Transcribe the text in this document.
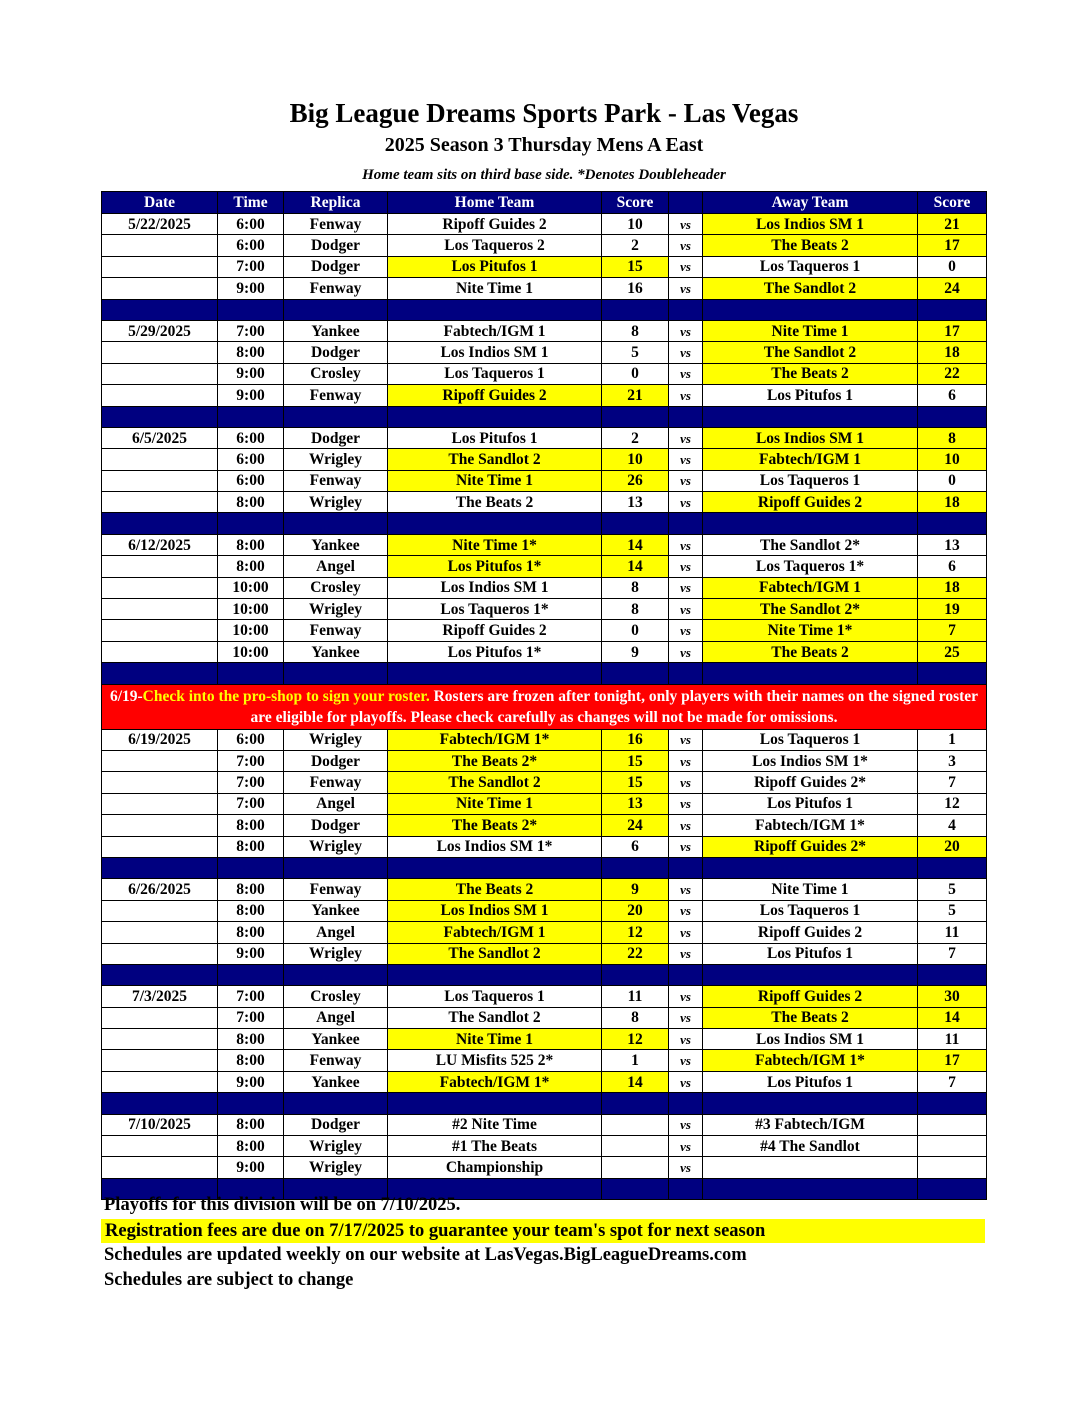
Big League Dreams Sports Park - Las Vegas
2025 Season 3 Thursday Mens A East
Home team sits on third base side. *Denotes Doubleheader
Date	Time	Replica	Home Team	Score		Away Team	Score
5/22/2025	6:00	Fenway	Ripoff Guides 2	10	vs	Los Indios SM 1	21
	6:00	Dodger	Los Taqueros 2	2	vs	The Beats 2	17
	7:00	Dodger	Los Pitufos 1	15	vs	Los Taqueros 1	0
	9:00	Fenway	Nite Time 1	16	vs	The Sandlot 2	24

5/29/2025	7:00	Yankee	Fabtech/IGM 1	8	vs	Nite Time 1	17
	8:00	Dodger	Los Indios SM 1	5	vs	The Sandlot 2	18
	9:00	Crosley	Los Taqueros 1	0	vs	The Beats 2	22
	9:00	Fenway	Ripoff Guides 2	21	vs	Los Pitufos 1	6

6/5/2025	6:00	Dodger	Los Pitufos 1	2	vs	Los Indios SM 1	8
	6:00	Wrigley	The Sandlot 2	10	vs	Fabtech/IGM 1	10
	6:00	Fenway	Nite Time 1	26	vs	Los Taqueros 1	0
	8:00	Wrigley	The Beats 2	13	vs	Ripoff Guides 2	18

6/12/2025	8:00	Yankee	Nite Time 1*	14	vs	The Sandlot 2*	13
	8:00	Angel	Los Pitufos 1*	14	vs	Los Taqueros 1*	6
	10:00	Crosley	Los Indios SM 1	8	vs	Fabtech/IGM 1	18
	10:00	Wrigley	Los Taqueros 1*	8	vs	The Sandlot 2*	19
	10:00	Fenway	Ripoff Guides 2	0	vs	Nite Time 1*	7
	10:00	Yankee	Los Pitufos 1*	9	vs	The Beats 2	25

6/19-Check into the pro-shop to sign your roster. Rosters are frozen after tonight, only players with their names on the signed roster are eligible for playoffs. Please check carefully as changes will not be made for omissions.							
6/19/2025	6:00	Wrigley	Fabtech/IGM 1*	16	vs	Los Taqueros 1	1
	7:00	Dodger	The Beats 2*	15	vs	Los Indios SM 1*	3
	7:00	Fenway	The Sandlot 2	15	vs	Ripoff Guides 2*	7
	7:00	Angel	Nite Time 1	13	vs	Los Pitufos 1	12
	8:00	Dodger	The Beats 2*	24	vs	Fabtech/IGM 1*	4
	8:00	Wrigley	Los Indios SM 1*	6	vs	Ripoff Guides 2*	20

6/26/2025	8:00	Fenway	The Beats 2	9	vs	Nite Time 1	5
	8:00	Yankee	Los Indios SM 1	20	vs	Los Taqueros 1	5
	8:00	Angel	Fabtech/IGM 1	12	vs	Ripoff Guides 2	11
	9:00	Wrigley	The Sandlot 2	22	vs	Los Pitufos 1	7

7/3/2025	7:00	Crosley	Los Taqueros 1	11	vs	Ripoff Guides 2	30
	7:00	Angel	The Sandlot 2	8	vs	The Beats 2	14
	8:00	Yankee	Nite Time 1	12	vs	Los Indios SM 1	11
	8:00	Fenway	LU Misfits 525 2*	1	vs	Fabtech/IGM 1*	17
	9:00	Yankee	Fabtech/IGM 1*	14	vs	Los Pitufos 1	7

7/10/2025	8:00	Dodger	#2 Nite Time		vs	#3 Fabtech/IGM	
	8:00	Wrigley	#1 The Beats		vs	#4 The Sandlot	
	9:00	Wrigley	Championship		vs		

Playoffs for this division will be on 7/10/2025.
Registration fees are due on 7/17/2025 to guarantee your team's spot for next season
Schedules are updated weekly on our website at LasVegas.BigLeagueDreams.com
Schedules are subject to change
